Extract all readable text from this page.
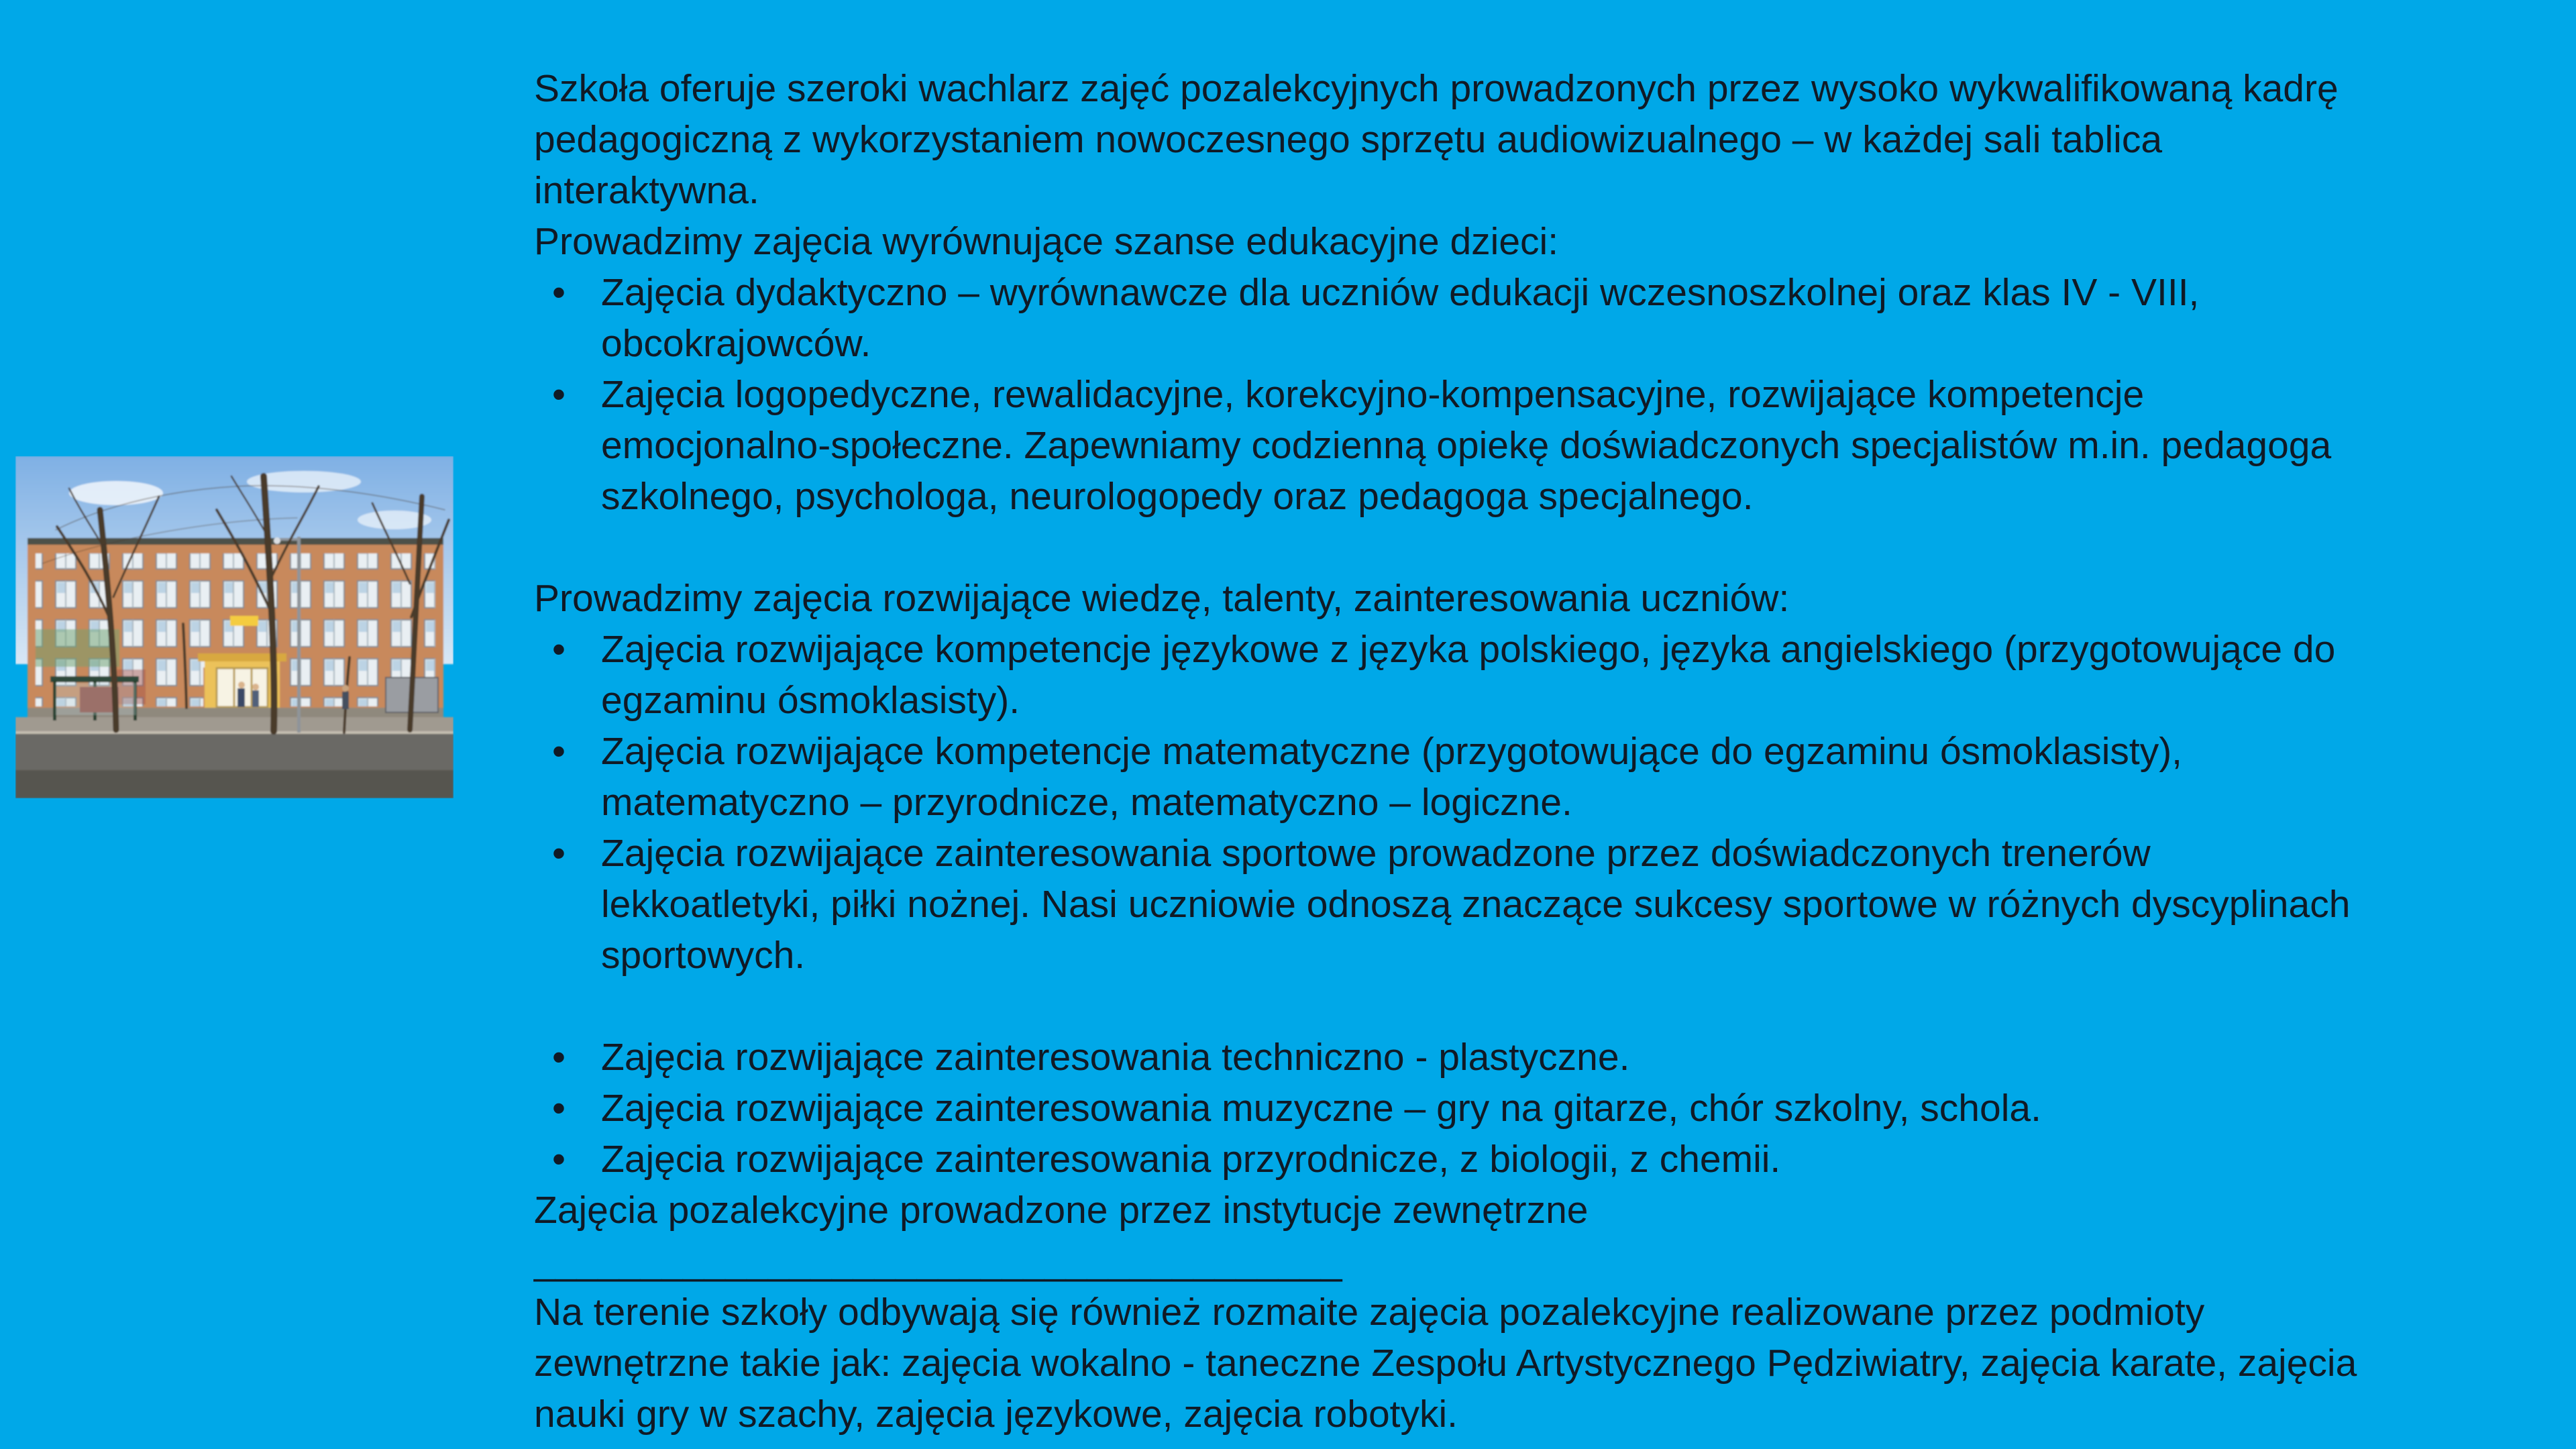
Szkoła oferuje szeroki wachlarz zajęć pozalekcyjnych prowadzonych przez wysoko wykwalifikowaną kadrę
pedagogiczną z wykorzystaniem nowoczesnego sprzętu audiowizualnego – w każdej sali tablica
interaktywna.
Prowadzimy zajęcia wyrównujące szanse edukacyjne dzieci:
• Zajęcia dydaktyczno – wyrównawcze dla uczniów edukacji wczesnoszkolnej oraz klas IV - VIII,
obcokrajowców.
• Zajęcia logopedyczne, rewalidacyjne, korekcyjno-kompensacyjne, rozwijające kompetencje
emocjonalno-społeczne. Zapewniamy codzienną opiekę doświadczonych specjalistów m.in. pedagoga
szkolnego, psychologa, neurologopedy oraz pedagoga specjalnego.
Prowadzimy zajęcia rozwijające wiedzę, talenty, zainteresowania uczniów:
• Zajęcia rozwijające kompetencje językowe z języka polskiego, języka angielskiego (przygotowujące do
egzaminu ósmoklasisty).
• Zajęcia rozwijające kompetencje matematyczne (przygotowujące do egzaminu ósmoklasisty),
matematyczno – przyrodnicze, matematyczno – logiczne.
• Zajęcia rozwijające zainteresowania sportowe prowadzone przez doświadczonych trenerów
lekkoatletyki, piłki nożnej. Nasi uczniowie odnoszą znaczące sukcesy sportowe w różnych dyscyplinach
sportowych.
• Zajęcia rozwijające zainteresowania techniczno - plastyczne.
• Zajęcia rozwijające zainteresowania muzyczne – gry na gitarze, chór szkolny, schola.
• Zajęcia rozwijające zainteresowania przyrodnicze, z biologii, z chemii.
Zajęcia pozalekcyjne prowadzone przez instytucje zewnętrzne
______________________________________
Na terenie szkoły odbywają się również rozmaite zajęcia pozalekcyjne realizowane przez podmioty
zewnętrzne takie jak: zajęcia wokalno - taneczne Zespołu Artystycznego Pędziwiatry, zajęcia karate, zajęcia
nauki gry w szachy, zajęcia językowe, zajęcia robotyki.
